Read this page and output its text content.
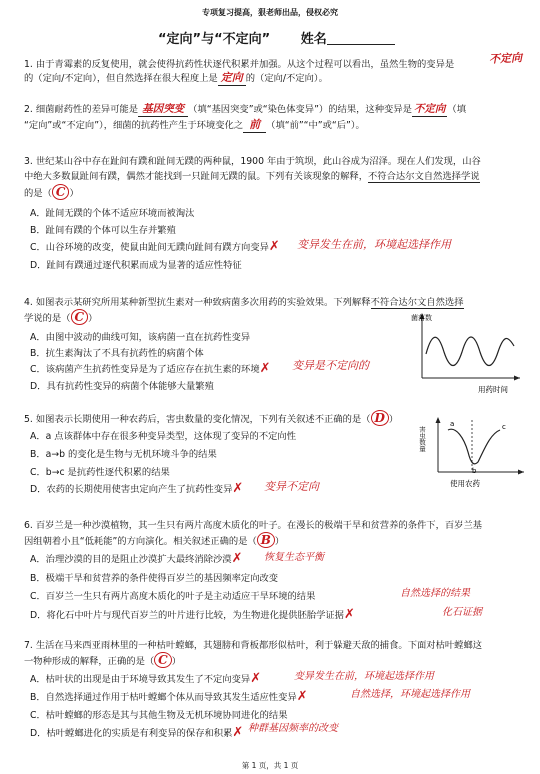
专项复习提高，狠老师出品，侵权必究
“定向”与“不定向” 姓名
1. 由于青霉素的反复使用，就会使得抗药性状逐代积累并加强。从这个过程可以看出，虽然生物的变异是	不定向
的（定向/不定向），但自然选择在很大程度上是 定向 的（定向/不定向）。
2. 细菌耐药性的差异可能是 基因突变 （填“基因突变”或“染色体变异”）的结果，这种变异是 不定向 （填
“定向”或“不定向”），细菌的抗药性产生于环境变化之 前 （填“前”“中”或“后”）。
3. 世纪某山谷中存在趾间有蹼和趾间无蹼的两种鼠，1900 年由于筑坝，此山谷成为沼泽。现在人们发现，山谷
中绝大多数鼠趾间有蹼，偶然才能找到一只趾间无蹼的鼠。下列有关该现象的解释，不符合达尔文自然选择学说
的是（ C ）
A．趾间无蹼的个体不适应环境而被淘汰
B．趾间有蹼的个体可以生存并繁殖
C．山谷环境的改变，使鼠由趾间无蹼向趾间有蹼方向变异✗ 变异发生在前，环境起选择作用
D．趾间有蹼通过逐代积累而成为显著的适应性特征
4. 如图表示某研究所用某种新型抗生素对一种致病菌多次用药的实验效果。下列解释不符合达尔文自然选择
学说的是（ C ）
A．由图中波动的曲线可知，该病菌一直在抗药性变异
B．抗生素淘汰了不具有抗药性的病菌个体
C．该病菌产生抗药性变异是为了适应存在抗生素的环境✗ 变异是不定向的
D．具有抗药性变异的病菌个体能够大量繁殖
菌落数
用药时间
5. 如图表示长期使用一种农药后，害虫数量的变化情况，下列有关叙述不正确的是（ D ）
A．a 点该群体中存在很多种变异类型，这体现了变异的不定向性
B．a→b 的变化是生物与无机环境斗争的结果
C．b→c 是抗药性逐代积累的结果
D．农药的长期使用使害虫定向产生了抗药性变异✗ 变异不定向
害虫数量
a
b
c
使用农药
6. 百岁兰是一种沙漠植物，其一生只有两片高度木质化的叶子。在漫长的极端干旱和贫营养的条件下，百岁兰基
因组朝着小且“低耗能”的方向演化。相关叙述正确的是（ B ）
A．治理沙漠的目的是阻止沙漠扩大最终消除沙漠✗ 恢复生态平衡
B．极端干旱和贫营养的条件使得百岁兰的基因频率定向改变
C．百岁兰一生只有两片高度木质化的叶子是主动适应干旱环境的结果	自然选择的结果
D．将化石中叶片与现代百岁兰的叶片进行比较，为生物进化提供胚胎学证据✗	化石证据
7. 生活在马来西亚雨林里的一种枯叶螳螂，其翅膀和背板都形似枯叶，利于躲避天敌的捕食。下面对枯叶螳螂这
一物种形成的解释，正确的是（ C ）
A．枯叶状的出现是由于环境导致其发生了不定向变异✗	变异发生在前，环境起选择作用
B．自然选择通过作用于枯叶螳螂个体从而导致其发生适应性变异✗	自然选择，环境起选择作用
C．枯叶螳螂的形态是其与其他生物及无机环境协同进化的结果
D．枯叶螳螂进化的实质是有利变异的保存和积累✗ 种群基因频率的改变
第 1 页，共 1 页
